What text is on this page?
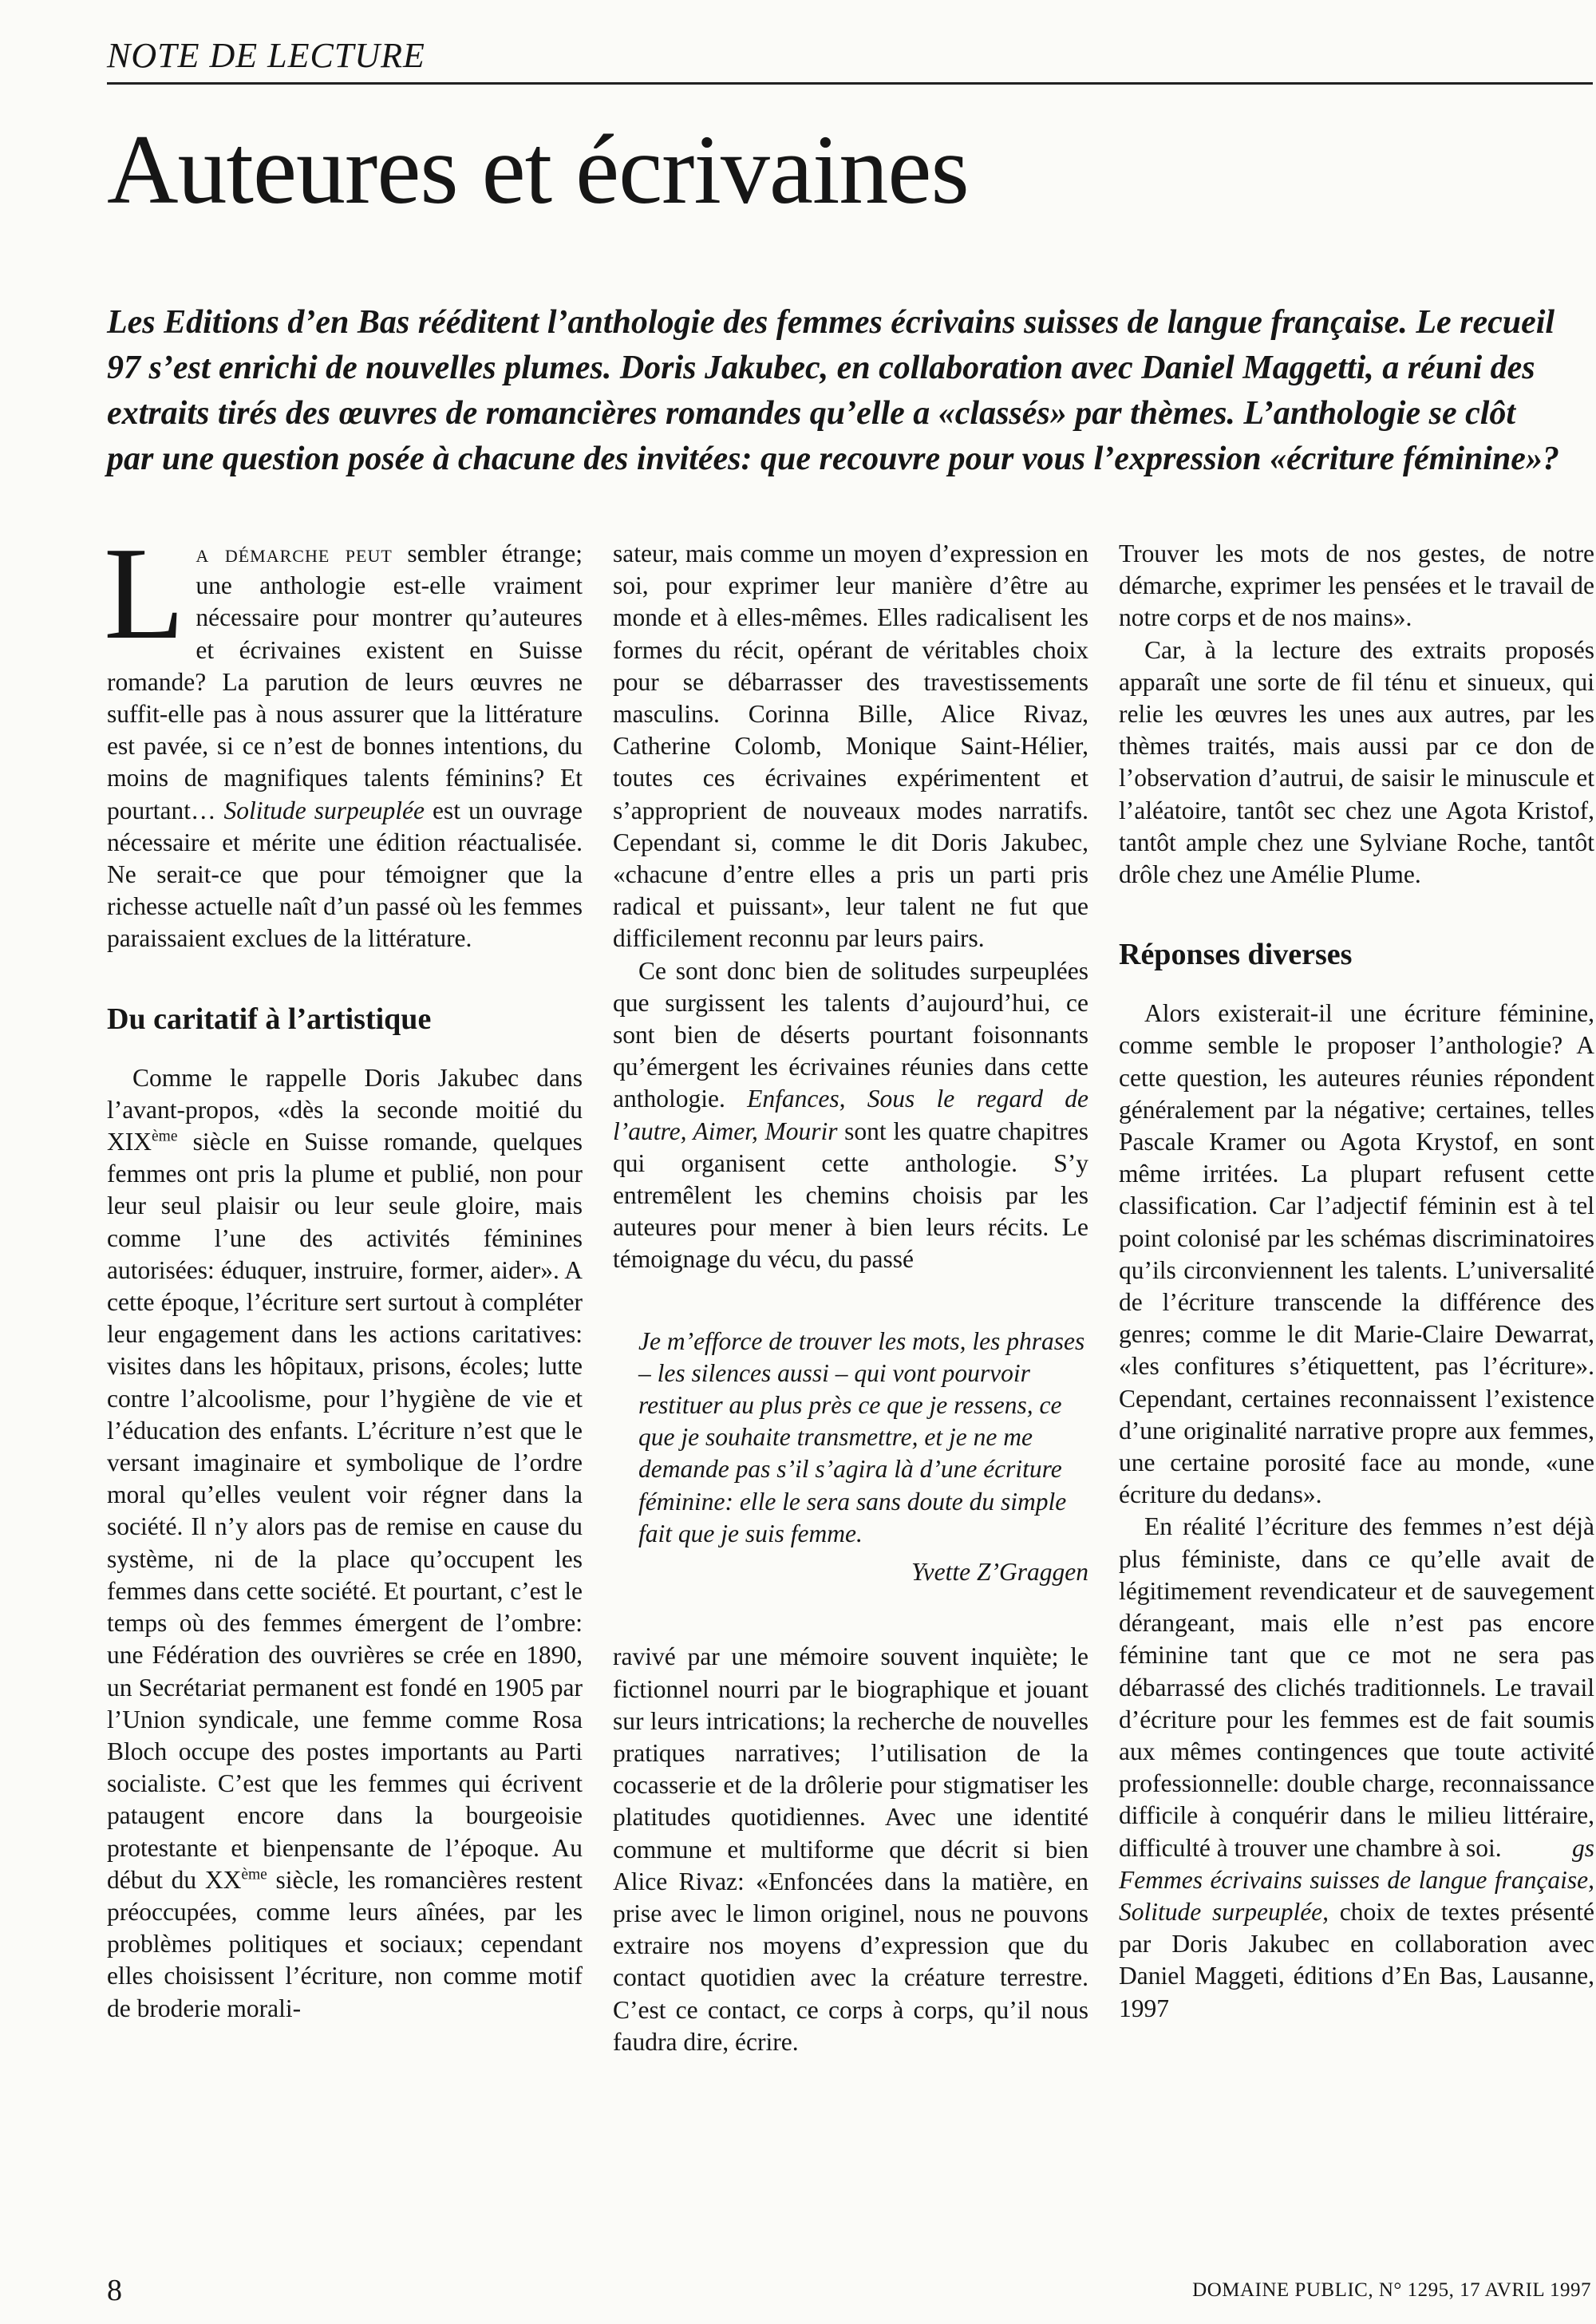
NOTE DE LECTURE
Auteures et écrivaines

Les Editions d’en Bas rééditent l’anthologie des femmes écrivains suisses de langue française. Le recueil 97 s’est enrichi de nouvelles plumes. Doris Jakubec, en collaboration avec Daniel Maggetti, a réuni des extraits tirés des œuvres de romancières romandes qu’elle a «classés» par thèmes. L’anthologie se clôt par une question posée à chacune des invitées: que recouvre pour vous l’expression «écriture féminine»?

La démarche peut sembler étrange; une anthologie est-elle vraiment nécessaire pour montrer qu’auteures et écrivaines existent en Suisse romande? La parution de leurs œuvres ne suffit-elle pas à nous assurer que la littérature est pavée, si ce n’est de bonnes intentions, du moins de magnifiques talents féminins? Et pourtant… Solitude surpeuplée est un ouvrage nécessaire et mérite une édition réactualisée. Ne serait-ce que pour témoigner que la richesse actuelle naît d’un passé où les femmes paraissaient exclues de la littérature.

Du caritatif à l’artistique

Comme le rappelle Doris Jakubec dans l’avant-propos, «dès la seconde moitié du XIXème siècle en Suisse romande, quelques femmes ont pris la plume et publié, non pour leur seul plaisir ou leur seule gloire, mais comme l’une des activités féminines autorisées: éduquer, instruire, former, aider». A cette époque, l’écriture sert surtout à compléter leur engagement dans les actions caritatives: visites dans les hôpitaux, prisons, écoles; lutte contre l’alcoolisme, pour l’hygiène de vie et l’éducation des enfants. L’écriture n’est que le versant imaginaire et symbolique de l’ordre moral qu’elles veulent voir régner dans la société. Il n’y alors pas de remise en cause du système, ni de la place qu’occupent les femmes dans cette société. Et pourtant, c’est le temps où des femmes émergent de l’ombre: une Fédération des ouvrières se crée en 1890, un Secrétariat permanent est fondé en 1905 par l’Union syndicale, une femme comme Rosa Bloch occupe des postes importants au Parti socialiste. C’est que les femmes qui écrivent pataugent encore dans la bourgeoisie protestante et bienpensante de l’époque. Au début du XXème siècle, les romancières restent préoccupées, comme leurs aînées, par les problèmes politiques et sociaux; cependant elles choisissent l’écriture, non comme motif de broderie morali-

sateur, mais comme un moyen d’expression en soi, pour exprimer leur manière d’être au monde et à elles-mêmes. Elles radicalisent les formes du récit, opérant de véritables choix pour se débarrasser des travestissements masculins. Corinna Bille, Alice Rivaz, Catherine Colomb, Monique Saint-Hélier, toutes ces écrivaines expérimentent et s’approprient de nouveaux modes narratifs. Cependant si, comme le dit Doris Jakubec, «chacune d’entre elles a pris un parti pris radical et puissant», leur talent ne fut que difficilement reconnu par leurs pairs.

Ce sont donc bien de solitudes surpeuplées que surgissent les talents d’aujourd’hui, ce sont bien de déserts pourtant foisonnants qu’émergent les écrivaines réunies dans cette anthologie. Enfances, Sous le regard de l’autre, Aimer, Mourir sont les quatre chapitres qui organisent cette anthologie. S’y entremêlent les chemins choisis par les auteures pour mener à bien leurs récits. Le témoignage du vécu, du passé

Je m’efforce de trouver les mots, les phrases – les silences aussi – qui vont pourvoir restituer au plus près ce que je ressens, ce que je souhaite transmettre, et je ne me demande pas s’il s’agira là d’une écriture féminine: elle le sera sans doute du simple fait que je suis femme.
Yvette Z’Graggen

ravivé par une mémoire souvent inquiète; le fictionnel nourri par le biographique et jouant sur leurs intrications; la recherche de nouvelles pratiques narratives; l’utilisation de la cocasserie et de la drôlerie pour stigmatiser les platitudes quotidiennes. Avec une identité commune et multiforme que décrit si bien Alice Rivaz: «Enfoncées dans la matière, en prise avec le limon originel, nous ne pouvons extraire nos moyens d’expression que du contact quotidien avec la créature terrestre. C’est ce contact, ce corps à corps, qu’il nous faudra dire, écrire.

Trouver les mots de nos gestes, de notre démarche, exprimer les pensées et le travail de notre corps et de nos mains».

Car, à la lecture des extraits proposés apparaît une sorte de fil ténu et sinueux, qui relie les œuvres les unes aux autres, par les thèmes traités, mais aussi par ce don de l’observation d’autrui, de saisir le minuscule et l’aléatoire, tantôt sec chez une Agota Kristof, tantôt ample chez une Sylviane Roche, tantôt drôle chez une Amélie Plume.

Réponses diverses

Alors existerait-il une écriture féminine, comme semble le proposer l’anthologie? A cette question, les auteures réunies répondent généralement par la négative; certaines, telles Pascale Kramer ou Agota Krystof, en sont même irritées. La plupart refusent cette classification. Car l’adjectif féminin est à tel point colonisé par les schémas discriminatoires qu’ils circonviennent les talents. L’universalité de l’écriture transcende la différence des genres; comme le dit Marie-Claire Dewarrat, «les confitures s’étiquettent, pas l’écriture». Cependant, certaines reconnaissent l’existence d’une originalité narrative propre aux femmes, une certaine porosité face au monde, «une écriture du dedans».

En réalité l’écriture des femmes n’est déjà plus féministe, dans ce qu’elle avait de légitimement revendicateur et de sauvegement dérangeant, mais elle n’est pas encore féminine tant que ce mot ne sera pas débarrassé des clichés traditionnels. Le travail d’écriture pour les femmes est de fait soumis aux mêmes contingences que toute activité professionnelle: double charge, reconnaissance difficile à conquérir dans le milieu littéraire, difficulté à trouver une chambre à soi.	gs

Femmes écrivains suisses de langue française, Solitude surpeuplée, choix de textes présenté par Doris Jakubec en collaboration avec Daniel Maggeti, éditions d’En Bas, Lausanne, 1997

8	DOMAINE PUBLIC, N° 1295, 17 AVRIL 1997
